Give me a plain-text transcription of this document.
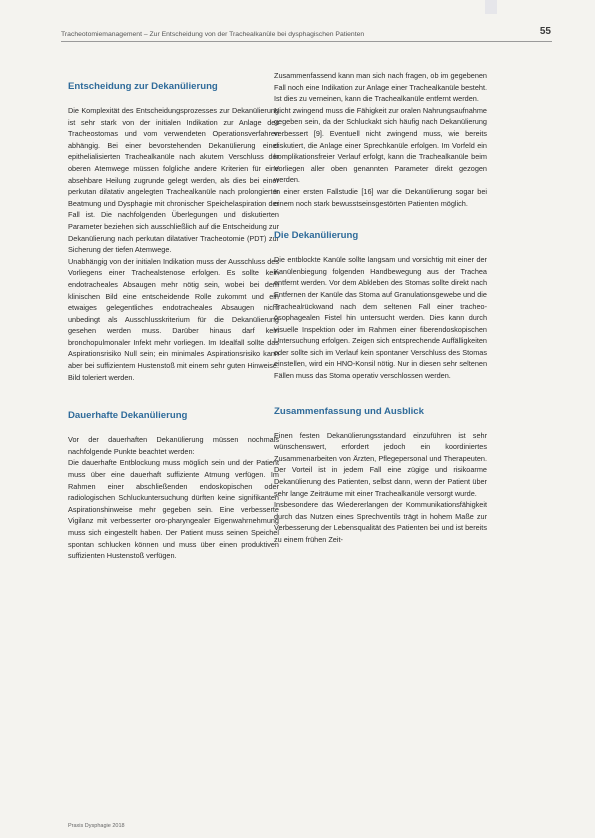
Tracheotomiemanagement – Zur Entscheidung von der Trachealkanüle bei dysphagischen Patienten	55
Entscheidung zur Dekanülierung

Die Komplexität des Entscheidungsprozesses zur Dekanülierung ist sehr stark von der initialen Indikation zur Anlage des Tracheostomas und vom verwendeten Operationsverfahren abhängig. Bei einer bevorstehenden Dekanülierung einer epithelialisierten Trachealkanüle nach akutem Verschluss der oberen Atemwege müssen folgliche andere Kriterien für eine absehbare Heilung zugrunde gelegt werden, als dies bei einer perkutan dilatativ angelegten Trachealkanüle nach prolongierter Beatmung und Dysphagie mit chronischer Speichelaspiration der Fall ist. Die nachfolgenden Überlegungen und diskutierten Parameter beziehen sich ausschließlich auf die Entscheidung zur Dekanülierung nach perkutan dilatativer Tracheotomie (PDT) zur Sicherung der tiefen Atemwege.

Unabhängig von der initialen Indikation muss der Ausschluss des Vorliegens einer Trachealstenose erfolgen. Es sollte kein endotracheales Absaugen mehr nötig sein, wobei bei dem klinischen Bild eine entscheidende Rolle zukommt und ein etwaiges gelegentliches endotracheales Absaugen nicht unbedingt als Ausschlusskriterium für die Dekanülierung gesehen werden muss. Darüber hinaus darf kein bronchopulmonaler Infekt mehr vorliegen. Im Idealfall sollte das Aspirationsrisiko Null sein; ein minimales Aspirationsrisiko kann aber bei suffizientem Hustenstoß mit einem sehr guten Hinweise. Bild toleriert werden.

Dauerhafte Dekanülierung

Vor der dauerhaften Dekanülierung müssen nochmals nachfolgende Punkte beachtet werden:

Die dauerhafte Entblockung muss möglich sein und der Patient muss über eine dauerhaft suffiziente Atmung verfügen. Im Rahmen einer abschließenden endoskopischen oder radiologischen Schluckuntersuchung dürften keine signifikanten Aspirationshinweise mehr gegeben sein. Eine verbesserte Vigilanz mit verbesserter oro-pharyngealer Eigenwahrnehmung muss sich eingestellt haben. Der Patient muss seinen Speichel spontan schlucken können und muss über einen produktiven suffizienten Hustenstoß verfügen.

Zusammenfassend kann man sich nach fragen, ob im gegebenen Fall noch eine Indikation zur Anlage einer Trachealkanüle besteht. Ist dies zu verneinen, kann die Trachealkanüle entfernt werden.

Nicht zwingend muss die Fähigkeit zur oralen Nahrungsaufnahme gegeben sein, da der Schluckakt sich häufig nach Dekanülierung verbessert [9]. Eventuell nicht zwingend muss, wie bereits diskutiert, die Anlage einer Sprechkanüle erfolgen. Im Vorfeld ein komplikationsfreier Verlauf erfolgt, kann die Trachealkanüle beim Vorliegen aller oben genannten Parameter direkt gezogen werden.

In einer ersten Fallstudie [16] war die Dekanülierung sogar bei einem noch stark bewusstseinsgestörten Patienten möglich.

Die Dekanülierung

Die entblockte Kanüle sollte langsam und vorsichtig mit einer der Kanülenbiegung folgenden Handbewegung aus der Trachea entfernt werden. Vor dem Abkleben des Stomas sollte direkt nach Entfernen der Kanüle das Stoma auf Granulationsgewebe und die Trachealrückwand nach dem seltenen Fall einer tracheo-ösophagealen Fistel hin untersucht werden. Dies kann durch visuelle Inspektion oder im Rahmen einer fiberendoskopischen Untersuchung erfolgen. Zeigen sich entsprechende Auffälligkeiten oder sollte sich im Verlauf kein spontaner Verschluss des Stomas einstellen, wird ein HNO-Konsil nötig. Nur in diesen sehr seltenen Fällen muss das Stoma operativ verschlossen werden.

Zusammenfassung und Ausblick

Einen festen Dekanülierungsstandard einzuführen ist sehr wünschenswert, erfordert jedoch ein koordiniertes Zusammenarbeiten von Ärzten, Pflegepersonal und Therapeuten. Der Vorteil ist in jedem Fall eine zügige und risikoarme Dekanülierung des Patienten, selbst dann, wenn der Patient über sehr lange Zeiträume mit einer Trachealkanüle versorgt wurde.

Insbesondere das Wiedererlangen der Kommunikationsfähigkeit durch das Nutzen eines Sprechventils trägt in hohem Maße zur Verbesserung der Lebensqualität des Patienten bei und ist bereits zu einem frühen Zeit-

Praxis Dysphagie 2018
